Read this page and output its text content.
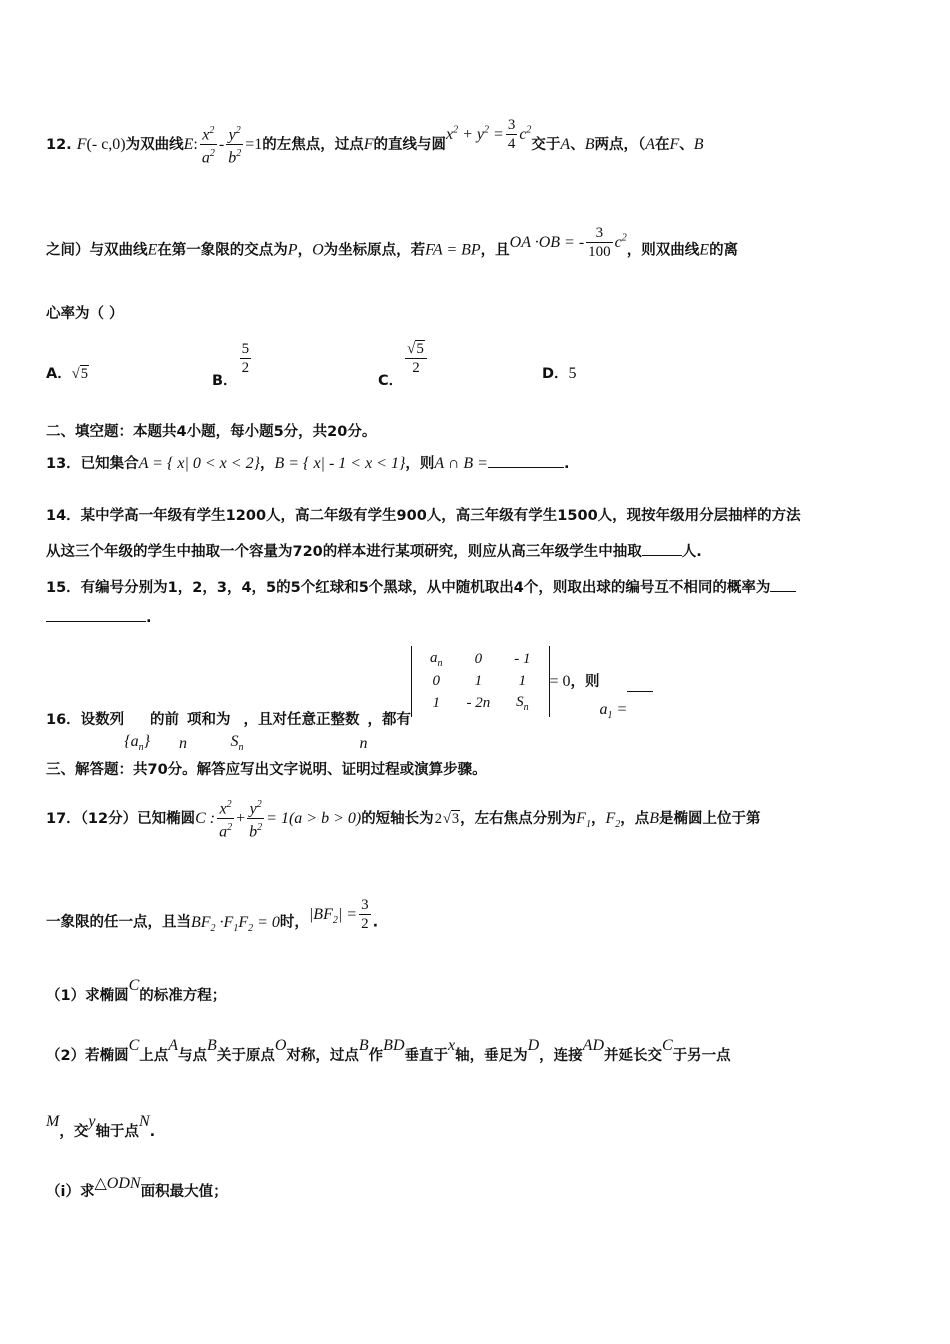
12. F(- c,0)为双曲线E: $\frac{x^2}{a^2} - \frac{y^2}{b^2} =1$的左焦点，过点F的直线与圆$x^2 + y^2 = \frac{3}{4} c^2$交于A、B两点，（A在F、B
之间）与双曲线E在第一象限的交点为P，O为坐标原点，若FA = BP，且OA ·OB = - $\frac{3}{100} c^2$，则双曲线E的离
心率为（ ）
A．√5	B．
$\frac{5}{2}$
C．
$\frac{√5}{2}$	D．5
二、填空题：本题共4小题，每小题5分，共20分。
13．已知集合A = { x| 0 < x < 2}，B = { x| - 1 < x < 1}，则A ∩ B =	.
14．某中学高一年级有学生1200人，高二年级有学生900人，高三年级有学生1500人，现按年级用分层抽样的方法
从这三个年级的学生中抽取一个容量为720的样本进行某项研究，则应从高三年级学生中抽取	人.
15．有编号分别为1，2，3，4，5的5个红球和5个黑球，从中随机取出4个，则取出球的编号互不相同的概率为
.
16．设数列$\{a_n\}$的前n项和为$S_n$，且对任意正整数n，都有
$a_n$	0	- 1
0	1	1
1	- 2n	$S_n$
= 0，则$a_1$ =
三、解答题：共70分。解答应写出文字说明、证明过程或演算步骤。
17．（12分）已知椭圆C : $\frac{x^2}{a^2} + \frac{y^2}{b^2} = 1(a > b > 0)$的短轴长为2√3，左右焦点分别为$F_1$，$F_2$，点B是椭圆上位于第
一象限的任一点，且当$BF_2 \cdot F_1F_2 = 0$时，$|BF_2| = \frac{3}{2}$ .
（1）求椭圆C的标准方程；
（2）若椭圆C上点A与点B关于原点O对称，过点B作BD垂直于x轴，垂足为D，连接AD并延长交C于另一点
M，交y轴于点N.
（ⅰ）求△ODN面积最大值；
